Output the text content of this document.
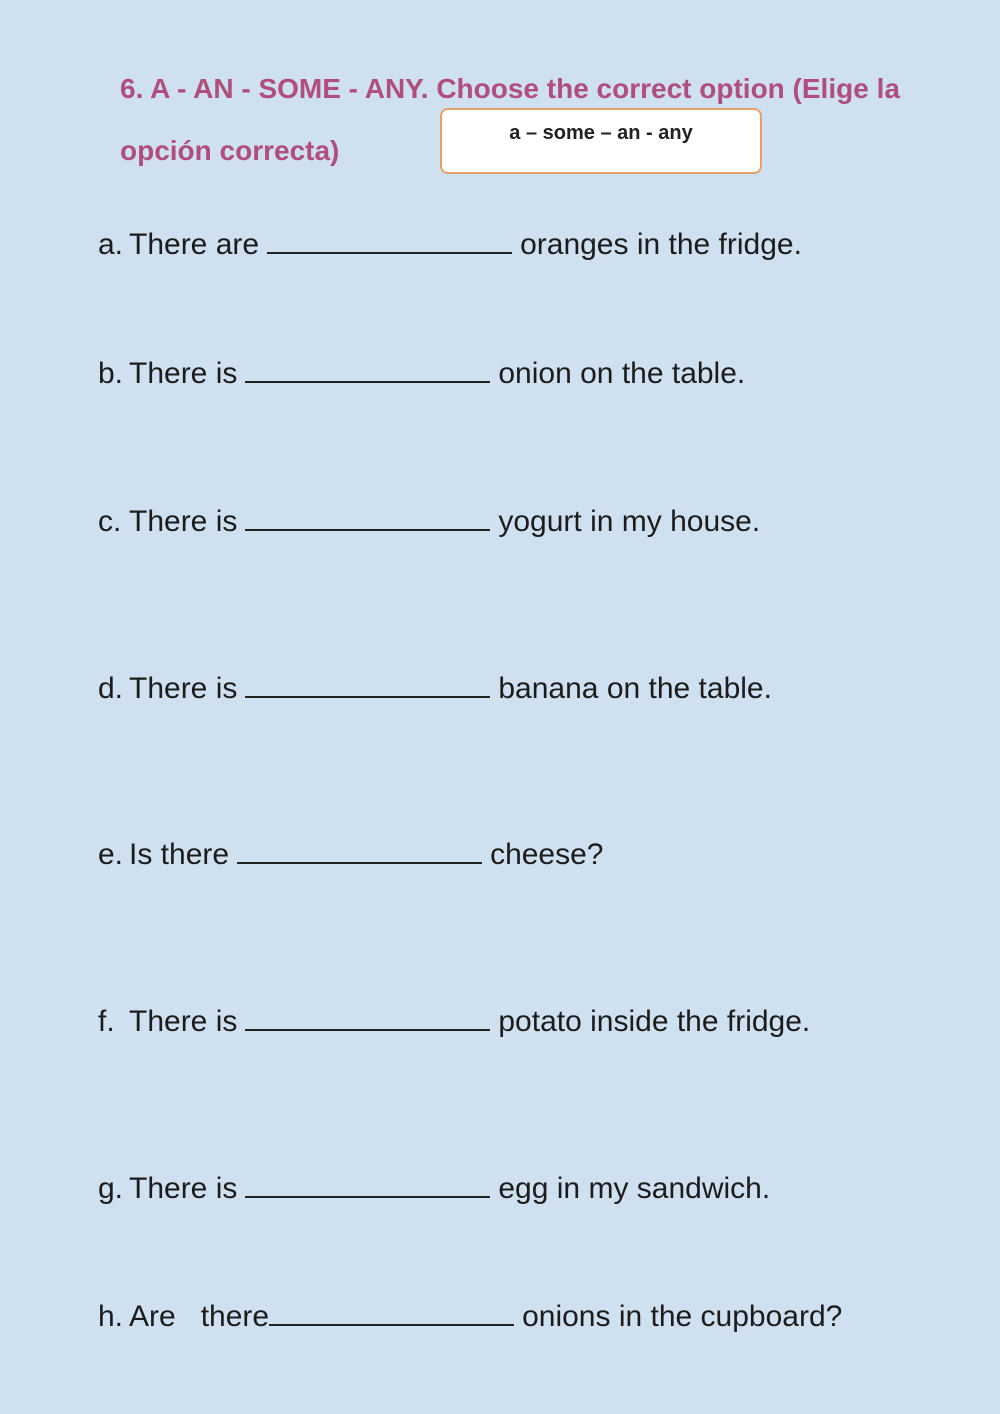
6. A - AN - SOME - ANY. Choose the correct option (Elige la opción correcta)
a – some – an - any
a. There are	oranges in the fridge.
b. There is	onion on the table.
c. There is	yogurt in my house.
d. There is	banana on the table.
e. Is there	cheese?
f. There is	potato inside the fridge.
g. There is	egg in my sandwich.
h. Are   there	onions in the cupboard?
